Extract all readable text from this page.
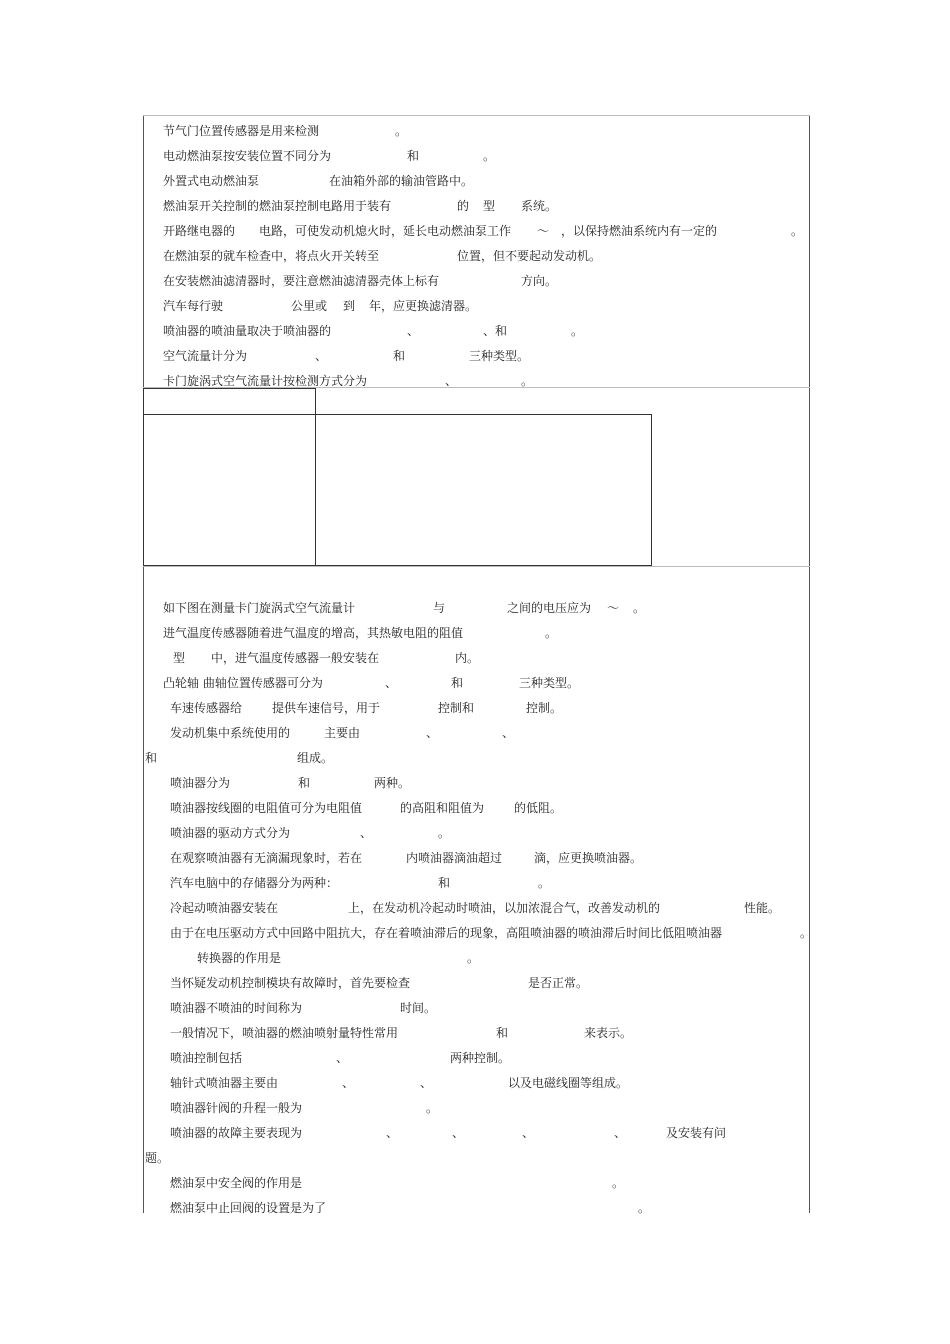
节气门位置传感器是用来检测	。
电动燃油泵按安装位置不同分为	和	。
外置式电动燃油泵	在油箱外部的输油管路中。
燃油泵开关控制的燃油泵控制电路用于装有	的 型 系统。
开路继电器的 电路，可使发动机熄火时，延长电动燃油泵工作 ～ ，以保持燃油系统内有一定的	。
在燃油泵的就车检查中，将点火开关转至	位置，但不要起动发动机。
在安装燃油滤清器时，要注意燃油滤清器壳体上标有	方向。
汽车每行驶	公里或 到 年，应更换滤清器。
喷油器的喷油量取决于喷油器的	、	、和	。
空气流量计分为	、	和	三种类型。
卡门旋涡式空气流量计按检测方式分为	、	。
如下图在测量卡门旋涡式空气流量计	与	之间的电压应为 ～ 。
进气温度传感器随着进气温度的增高，其热敏电阻的阻值	。
型 中，进气温度传感器一般安装在	内。
凸轮轴 曲轴位置传感器可分为	、	和	三种类型。
车速传感器给 提供车速信号，用于	控制和	控制。
发动机集中系统使用的	主要由	、	、
和	组成。
喷油器分为	和	两种。
喷油器按线圈的电阻值可分为电阻值	的高阻和阻值为 的低阻。
喷油器的驱动方式分为	、	。
在观察喷油器有无滴漏现象时，若在	内喷油器滴油超过	滴，应更换喷油器。
汽车电脑中的存储器分为两种：	和	。
冷起动喷油器安装在	上，在发动机冷起动时喷油，以加浓混合气，改善发动机的	性能。
由于在电压驱动方式中回路中阻抗大，存在着喷油滞后的现象，高阻喷油器的喷油滞后时间比低阻喷油器	。
转换器的作用是	。
当怀疑发动机控制模块有故障时，首先要检查	是否正常。
喷油器不喷油的时间称为	时间。
一般情况下，喷油器的燃油喷射量特性常用	和	来表示。
喷油控制包括	、	两种控制。
轴针式喷油器主要由	、	、	以及电磁线圈等组成。
喷油器针阀的升程一般为	。
喷油器的故障主要表现为	、	、	、	、	及安装有问
题。
燃油泵中安全阀的作用是	。
燃油泵中止回阀的设置是为了	。
